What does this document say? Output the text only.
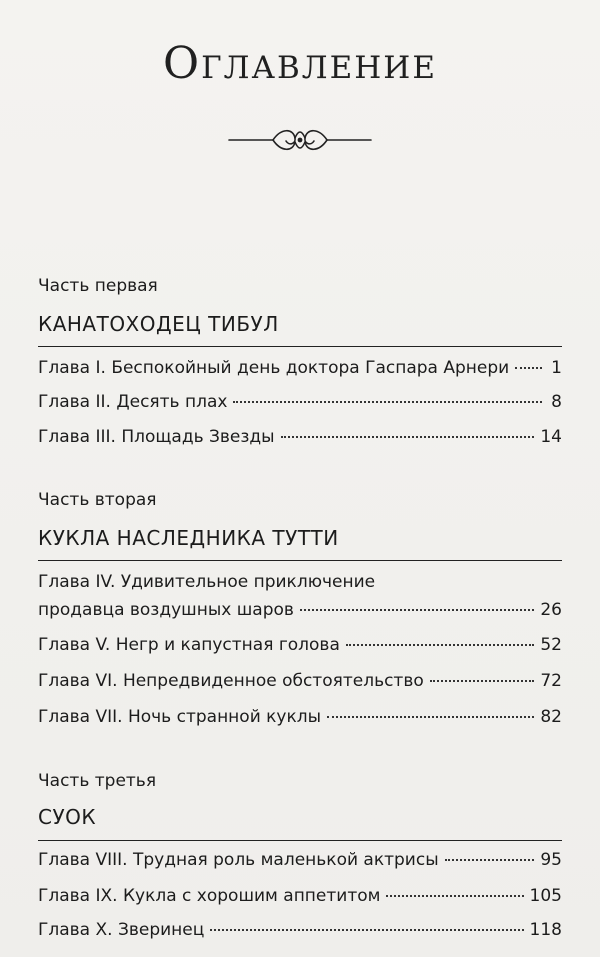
Оглавление
Часть первая
КАНАТОХОДЕЦ ТИБУЛ
Глава I. Беспокойный день доктора Гаспара Арнери 1
Глава II. Десять плах	8
Глава III. Площадь Звезды	14
Часть вторая
КУКЛА НАСЛЕДНИКА ТУТТИ
Глава IV. Удивительное приключение
продавца воздушных шаров	26
Глава V. Негр и капустная голова	52
Глава VI. Непредвиденное обстоятельство	72
Глава VII. Ночь странной куклы	82
Часть третья
СУОК
Глава VIII. Трудная роль маленькой актрисы	95
Глава IX. Кукла с хорошим аппетитом	105
Глава X. Зверинец	118
